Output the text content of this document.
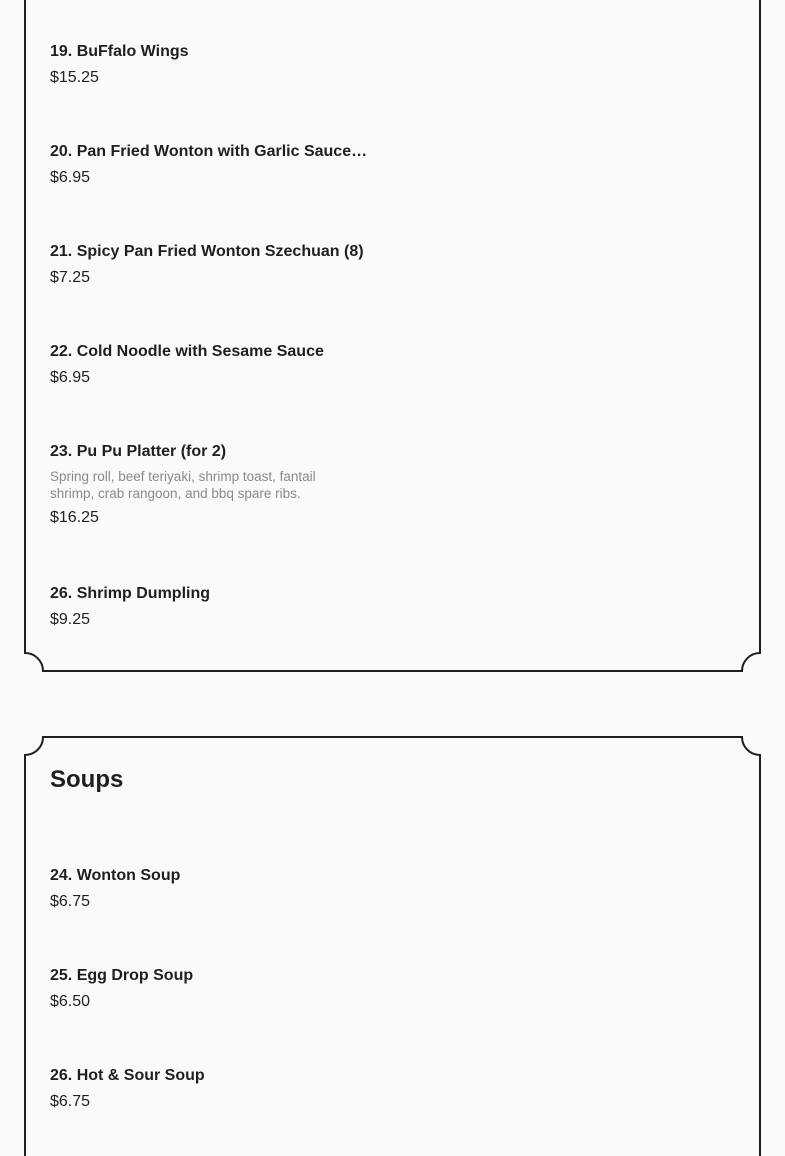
19. BuFfalo Wings
$15.25
20. Pan Fried Wonton with Garlic Sauce…
$6.95
21. Spicy Pan Fried Wonton Szechuan (8)
$7.25
22. Cold Noodle with Sesame Sauce
$6.95
23. Pu Pu Platter (for 2)
Spring roll, beef teriyaki, shrimp toast, fantail shrimp, crab rangoon, and bbq spare ribs.
$16.25
26. Shrimp Dumpling
$9.25
Soups
24. Wonton Soup
$6.75
25. Egg Drop Soup
$6.50
26. Hot & Sour Soup
$6.75
